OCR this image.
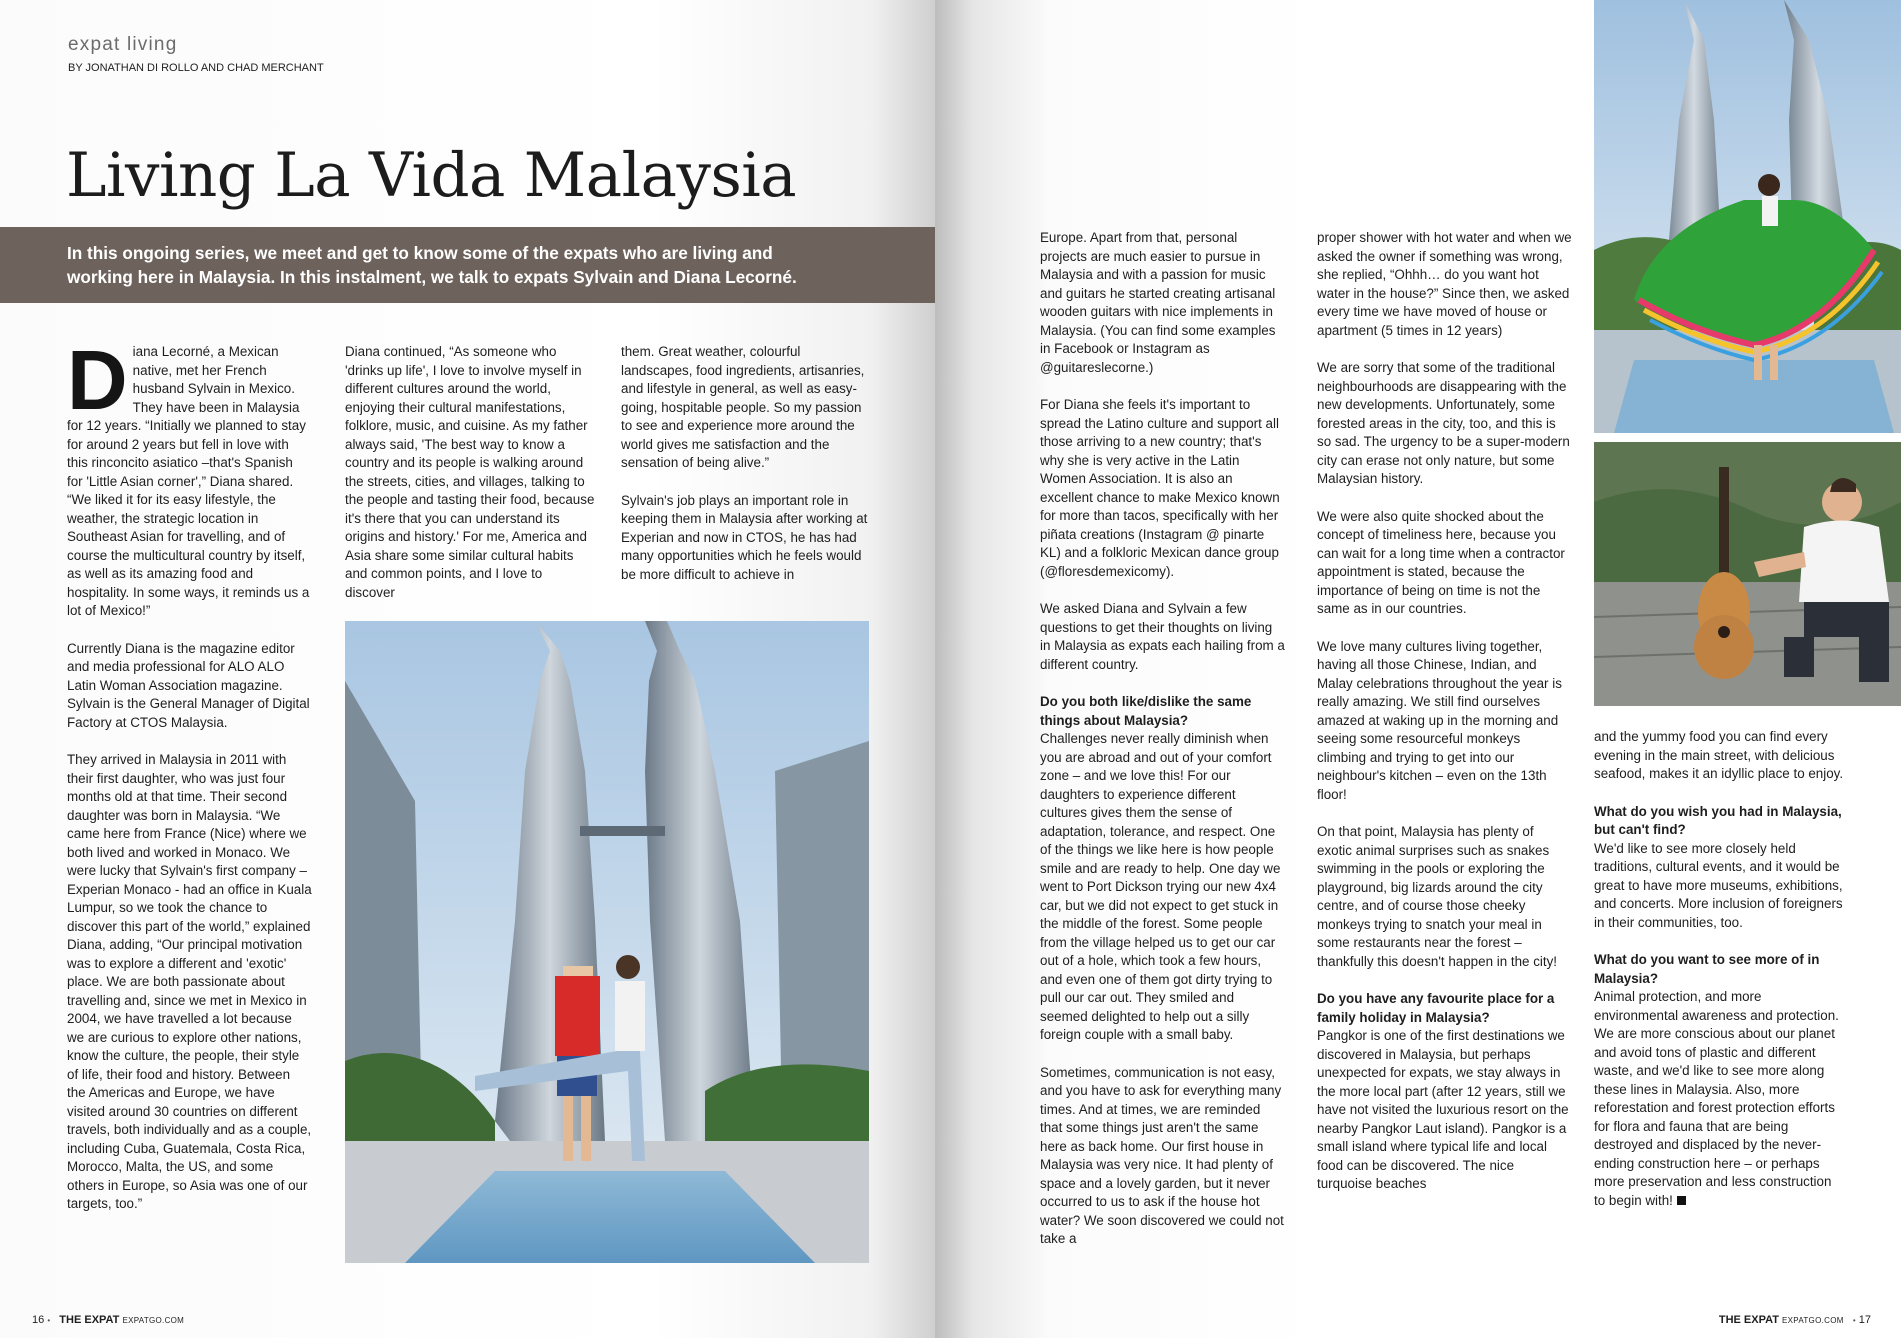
expat living
BY JONATHAN DI ROLLO AND CHAD MERCHANT
Living La Vida Malaysia
In this ongoing series, we meet and get to know some of the expats who are living and
working here in Malaysia. In this instalment, we talk to expats Sylvain and Diana Lecorné.

Diana Lecorné, a Mexican native, met her French husband Sylvain in Mexico. They have been in Malaysia for 12 years. “Initially we planned to stay for around 2 years but fell in love with this rinconcito asiatico –that's Spanish for 'Little Asian corner',” Diana shared. “We liked it for its easy lifestyle, the weather, the strategic location in Southeast Asian for travelling, and of course the multicultural country by itself, as well as its amazing food and hospitality. In some ways, it reminds us a lot of Mexico!”

Currently Diana is the magazine editor and media professional for ALO ALO Latin Woman Association magazine. Sylvain is the General Manager of Digital Factory at CTOS Malaysia.

They arrived in Malaysia in 2011 with their first daughter, who was just four months old at that time. Their second daughter was born in Malaysia. “We came here from France (Nice) where we both lived and worked in Monaco. We were lucky that Sylvain's first company – Experian Monaco - had an office in Kuala Lumpur, so we took the chance to discover this part of the world,” explained Diana, adding, “Our principal motivation was to explore a different and 'exotic' place. We are both passionate about travelling and, since we met in Mexico in 2004, we have travelled a lot because we are curious to explore other nations, know the culture, the people, their style of life, their food and history. Between the Americas and Europe, we have visited around 30 countries on different travels, both individually and as a couple, including Cuba, Guatemala, Costa Rica, Morocco, Malta, the US, and some others in Europe, so Asia was one of our targets, too.”

Diana continued, “As someone who 'drinks up life', I love to involve myself in different cultures around the world, enjoying their cultural manifestations, folklore, music, and cuisine. As my father always said, 'The best way to know a country and its people is walking around the streets, cities, and villages, talking to the people and tasting their food, because it's there that you can understand its origins and history.' For me, America and Asia share some similar cultural habits and common points, and I love to discover

them. Great weather, colourful landscapes, food ingredients, artisanries, and lifestyle in general, as well as easy-going, hospitable people. So my passion to see and experience more around the world gives me satisfaction and the sensation of being alive.”

Sylvain's job plays an important role in keeping them in Malaysia after working at Experian and now in CTOS, he has had many opportunities which he feels would be more difficult to achieve in

Europe. Apart from that, personal projects are much easier to pursue in Malaysia and with a passion for music and guitars he started creating artisanal wooden guitars with nice implements in Malaysia. (You can find some examples in Facebook or Instagram as @guitareslecorne.)

For Diana she feels it's important to spread the Latino culture and support all those arriving to a new country; that's why she is very active in the Latin Women Association. It is also an excellent chance to make Mexico known for more than tacos, specifically with her piñata creations (Instagram @ pinarte KL) and a folkloric Mexican dance group (@floresdemexicomy).

We asked Diana and Sylvain a few questions to get their thoughts on living in Malaysia as expats each hailing from a different country.

Do you both like/dislike the same things about Malaysia?

Challenges never really diminish when you are abroad and out of your comfort zone – and we love this! For our daughters to experience different cultures gives them the sense of adaptation, tolerance, and respect. One of the things we like here is how people smile and are ready to help. One day we went to Port Dickson trying our new 4x4 car, but we did not expect to get stuck in the middle of the forest. Some people from the village helped us to get our car out of a hole, which took a few hours, and even one of them got dirty trying to pull our car out. They smiled and seemed delighted to help out a silly foreign couple with a small baby.

Sometimes, communication is not easy, and you have to ask for everything many times. And at times, we are reminded that some things just aren't the same here as back home. Our first house in Malaysia was very nice. It had plenty of space and a lovely garden, but it never occurred to us to ask if the house hot water? We soon discovered we could not take a

proper shower with hot water and when we asked the owner if something was wrong, she replied, “Ohhh… do you want hot water in the house?” Since then, we asked every time we have moved of house or apartment (5 times in 12 years)

We are sorry that some of the traditional neighbourhoods are disappearing with the new developments. Unfortunately, some forested areas in the city, too, and this is so sad. The urgency to be a super-modern city can erase not only nature, but some Malaysian history.

We were also quite shocked about the concept of timeliness here, because you can wait for a long time when a contractor appointment is stated, because the importance of being on time is not the same as in our countries.

We love many cultures living together, having all those Chinese, Indian, and Malay celebrations throughout the year is really amazing. We still find ourselves amazed at waking up in the morning and seeing some resourceful monkeys climbing and trying to get into our neighbour's kitchen – even on the 13th floor!

On that point, Malaysia has plenty of exotic animal surprises such as snakes swimming in the pools or exploring the playground, big lizards around the city centre, and of course those cheeky monkeys trying to snatch your meal in some restaurants near the forest – thankfully this doesn't happen in the city!

Do you have any favourite place for a family holiday in Malaysia?

Pangkor is one of the first destinations we discovered in Malaysia, but perhaps unexpected for expats, we stay always in the more local part (after 12 years, still we have not visited the luxurious resort on the nearby Pangkor Laut island). Pangkor is a small island where typical life and local food can be discovered. The nice turquoise beaches

and the yummy food you can find every evening in the main street, with delicious seafood, makes it an idyllic place to enjoy.

What do you wish you had in Malaysia, but can't find?

We'd like to see more closely held traditions, cultural events, and it would be great to have more museums, exhibitions, and concerts. More inclusion of foreigners in their communities, too.

What do you want to see more of in Malaysia?

Animal protection, and more environmental awareness and protection. We are more conscious about our planet and avoid tons of plastic and different waste, and we'd like to see more along these lines in Malaysia. Also, more reforestation and forest protection efforts for flora and fauna that are being destroyed and displaced by the never-ending construction here – or perhaps more preservation and less construction to begin with!

16 • THE EXPAT EXPATGO.COM	THE EXPAT EXPATGO.COM • 17
